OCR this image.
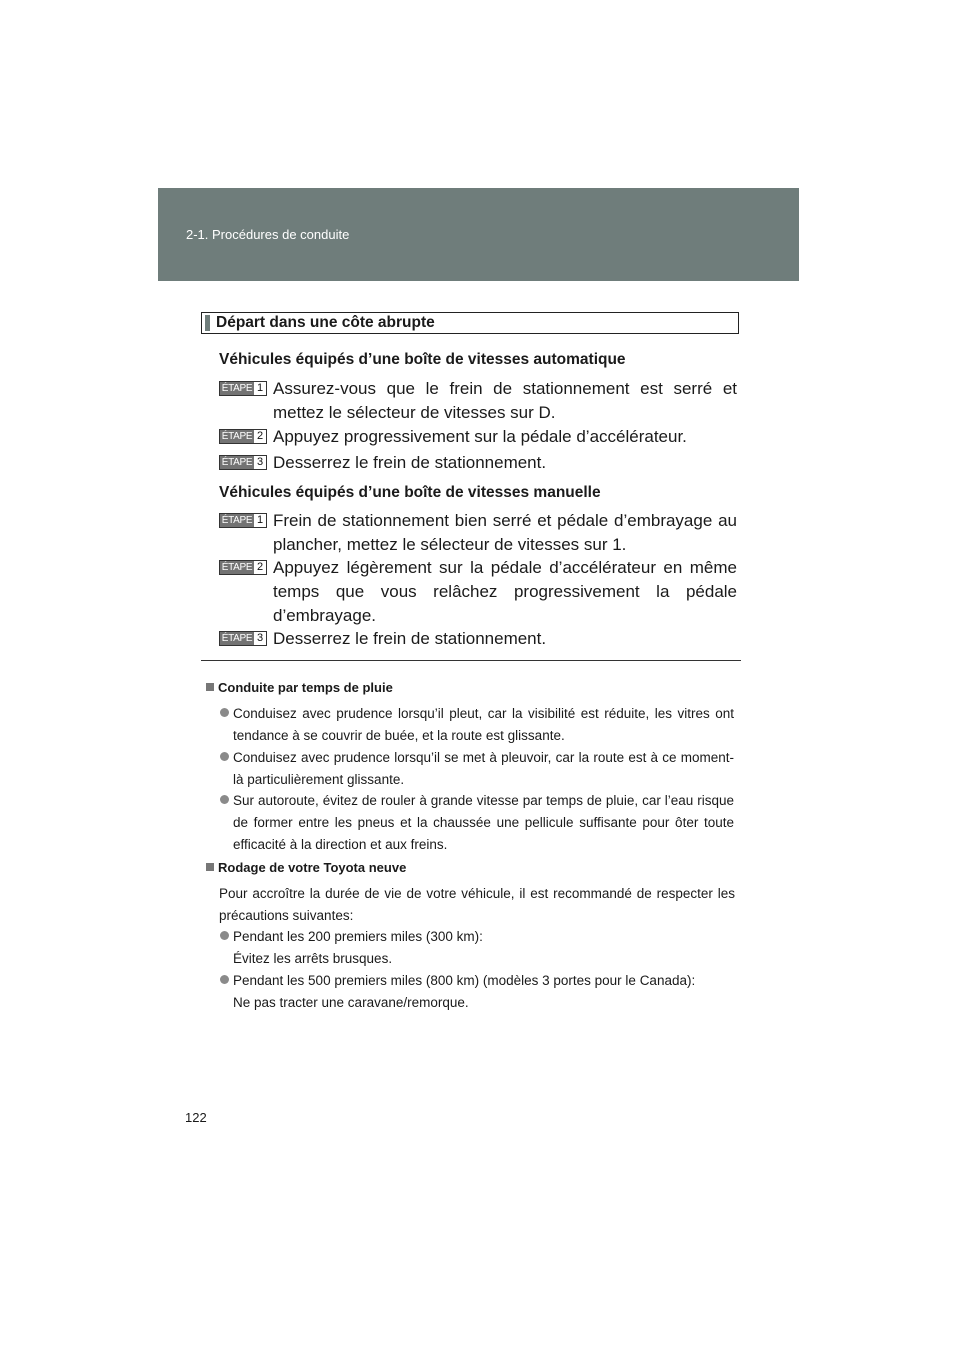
2-1. Procédures de conduite
Départ dans une côte abrupte
Véhicules équipés d’une boîte de vitesses automatique
ÉTAPE 1 Assurez-vous que le frein de stationnement est serré et mettez le sélecteur de vitesses sur D.
ÉTAPE 2 Appuyez progressivement sur la pédale d’accélérateur.
ÉTAPE 3 Desserrez le frein de stationnement.
Véhicules équipés d’une boîte de vitesses manuelle
ÉTAPE 1 Frein de stationnement bien serré et pédale d’embrayage au plancher, mettez le sélecteur de vitesses sur 1.
ÉTAPE 2 Appuyez légèrement sur la pédale d’accélérateur en même temps que vous relâchez progressivement la pédale d’embrayage.
ÉTAPE 3 Desserrez le frein de stationnement.
Conduite par temps de pluie
Conduisez avec prudence lorsqu’il pleut, car la visibilité est réduite, les vitres ont tendance à se couvrir de buée, et la route est glissante.
Conduisez avec prudence lorsqu’il se met à pleuvoir, car la route est à ce moment-là particulièrement glissante.
Sur autoroute, évitez de rouler à grande vitesse par temps de pluie, car l’eau risque de former entre les pneus et la chaussée une pellicule suffisante pour ôter toute efficacité à la direction et aux freins.
Rodage de votre Toyota neuve
Pour accroître la durée de vie de votre véhicule, il est recommandé de respecter les précautions suivantes:
Pendant les 200 premiers miles (300 km):
Évitez les arrêts brusques.
Pendant les 500 premiers miles (800 km) (modèles 3 portes pour le Canada):
Ne pas tracter une caravane/remorque.
122
